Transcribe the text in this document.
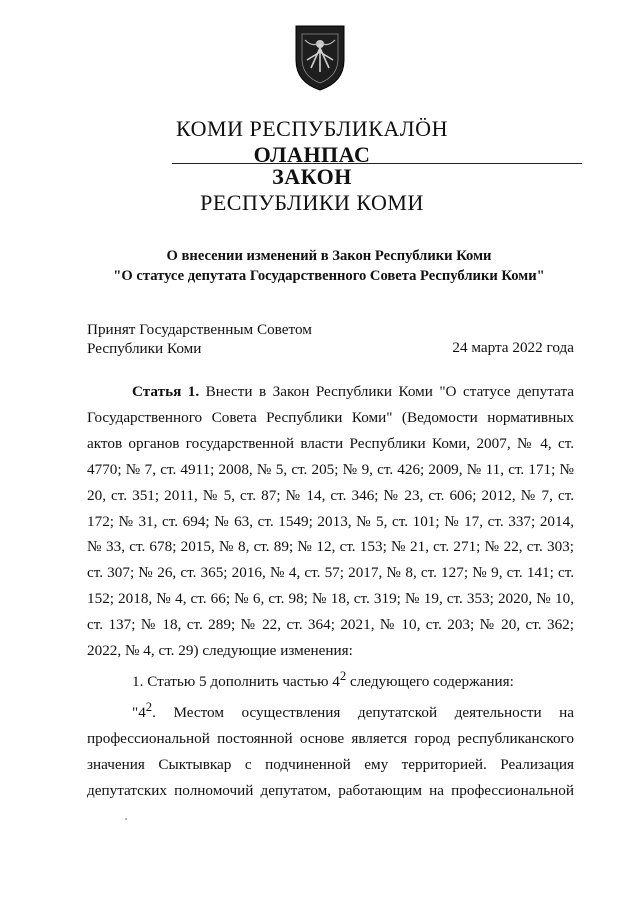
КОМИ РЕСПУБЛИКАЛÖН
ОЛАНПАС
ЗАКОН
РЕСПУБЛИКИ КОМИ
О внесении изменений в Закон Республики Коми
"О статусе депутата Государственного Совета Республики Коми"
Принят Государственным Советом
Республики Коми	24 марта 2022 года

Статья 1. Внести в Закон Республики Коми "О статусе депутата Государственного Совета Республики Коми" (Ведомости нормативных актов органов государственной власти Республики Коми, 2007, № 4, ст. 4770; № 7, ст. 4911; 2008, № 5, ст. 205; № 9, ст. 426; 2009, № 11, ст. 171; № 20, ст. 351; 2011, № 5, ст. 87; № 14, ст. 346; № 23, ст. 606; 2012, № 7, ст. 172; № 31, ст. 694; № 63, ст. 1549; 2013, № 5, ст. 101; № 17, ст. 337; 2014, № 33, ст. 678; 2015, № 8, ст. 89; № 12, ст. 153; № 21, ст. 271; № 22, ст. 303; ст. 307; № 26, ст. 365; 2016, № 4, ст. 57; 2017, № 8, ст. 127; № 9, ст. 141; ст. 152; 2018, № 4, ст. 66; № 6, ст. 98; № 18, ст. 319; № 19, ст. 353; 2020, № 10, ст. 137; № 18, ст. 289; № 22, ст. 364; 2021, № 10, ст. 203; № 20, ст. 362; 2022, № 4, ст. 29) следующие изменения:

1. Статью 5 дополнить частью $4^2$ следующего содержания:

"$4^2$. Местом осуществления депутатской деятельности на профессиональной постоянной основе является город республиканского значения Сыктывкар с подчиненной ему территорией. Реализация депутатских полномочий депутатом, работающим на профессиональной
